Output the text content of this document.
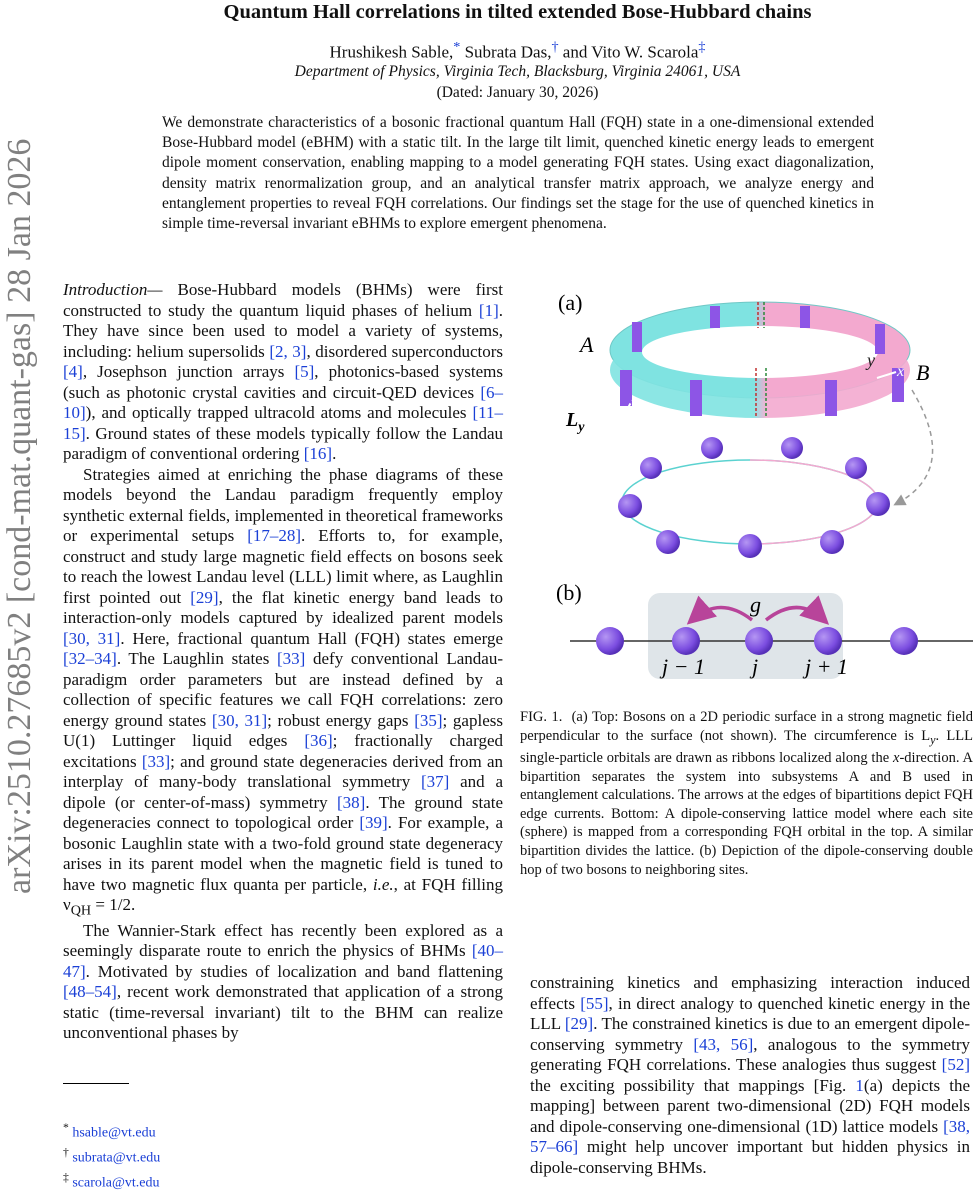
arXiv:2510.27685v2 [cond-mat.quant-gas] 28 Jan 2026
Quantum Hall correlations in tilted extended Bose-Hubbard chains
Hrushikesh Sable,* Subrata Das,† and Vito W. Scarola‡
Department of Physics, Virginia Tech, Blacksburg, Virginia 24061, USA
(Dated: January 30, 2026)
We demonstrate characteristics of a bosonic fractional quantum Hall (FQH) state in a one-dimensional extended Bose-Hubbard model (eBHM) with a static tilt. In the large tilt limit, quenched kinetic energy leads to emergent dipole moment conservation, enabling mapping to a model generating FQH states. Using exact diagonalization, density matrix renormalization group, and an analytical transfer matrix approach, we analyze energy and entanglement properties to reveal FQH correlations. Our findings set the stage for the use of quenched kinetics in simple time-reversal invariant eBHMs to explore emergent phenomena.

Introduction— Bose-Hubbard models (BHMs) were first constructed to study the quantum liquid phases of helium [1]. They have since been used to model a variety of systems, including: helium supersolids [2, 3], disordered superconductors [4], Josephson junction arrays [5], photonics-based systems (such as photonic crystal cavities and circuit-QED devices [6–10]), and optically trapped ultracold atoms and molecules [11–15]. Ground states of these models typically follow the Landau paradigm of conventional ordering [16].

Strategies aimed at enriching the phase diagrams of these models beyond the Landau paradigm frequently employ synthetic external fields, implemented in theoretical frameworks or experimental setups [17–28]. Efforts to, for example, construct and study large magnetic field effects on bosons seek to reach the lowest Landau level (LLL) limit where, as Laughlin first pointed out [29], the flat kinetic energy band leads to interaction-only models captured by idealized parent models [30, 31]. Here, fractional quantum Hall (FQH) states emerge [32–34]. The Laughlin states [33] defy conventional Landau-paradigm order parameters but are instead defined by a collection of specific features we call FQH correlations: zero energy ground states [30, 31]; robust energy gaps [35]; gapless U(1) Luttinger liquid edges [36]; fractionally charged excitations [33]; and ground state degeneracies derived from an interplay of many-body translational symmetry [37] and a dipole (or center-of-mass) symmetry [38]. The ground state degeneracies connect to topological order [39]. For example, a bosonic Laughlin state with a two-fold ground state degeneracy arises in its parent model when the magnetic field is tuned to have two magnetic flux quanta per particle, i.e., at FQH filling $\nu_{QH} = 1/2$.

The Wannier-Stark effect has recently been explored as a seemingly disparate route to enrich the physics of BHMs [40–47]. Motivated by studies of localization and band flattening [48–54], recent work demonstrated that application of a strong static (time-reversal invariant) tilt to the BHM can realize unconventional phases by

* hsable@vt.edu
† subrata@vt.edu
‡ scarola@vt.edu
(a)
A
B
y
x
$L_y$
(b)	g
j − 1 j j + 1
FIG. 1. (a) Top: Bosons on a 2D periodic surface in a strong magnetic field perpendicular to the surface (not shown). The circumference is $L_y$. LLL single-particle orbitals are drawn as ribbons localized along the x-direction. A bipartition separates the system into subsystems A and B used in entanglement calculations. The arrows at the edges of bipartitions depict FQH edge currents. Bottom: A dipole-conserving lattice model where each site (sphere) is mapped from a corresponding FQH orbital in the top. A similar bipartition divides the lattice. (b) Depiction of the dipole-conserving double hop of two bosons to neighboring sites.

constraining kinetics and emphasizing interaction induced effects [55], in direct analogy to quenched kinetic energy in the LLL [29]. The constrained kinetics is due to an emergent dipole-conserving symmetry [43, 56], analogous to the symmetry generating FQH correlations. These analogies thus suggest [52] the exciting possibility that mappings [Fig. 1(a) depicts the mapping] between parent two-dimensional (2D) FQH models and dipole-conserving one-dimensional (1D) lattice models [38, 57–66] might help uncover important but hidden physics in dipole-conserving BHMs.
